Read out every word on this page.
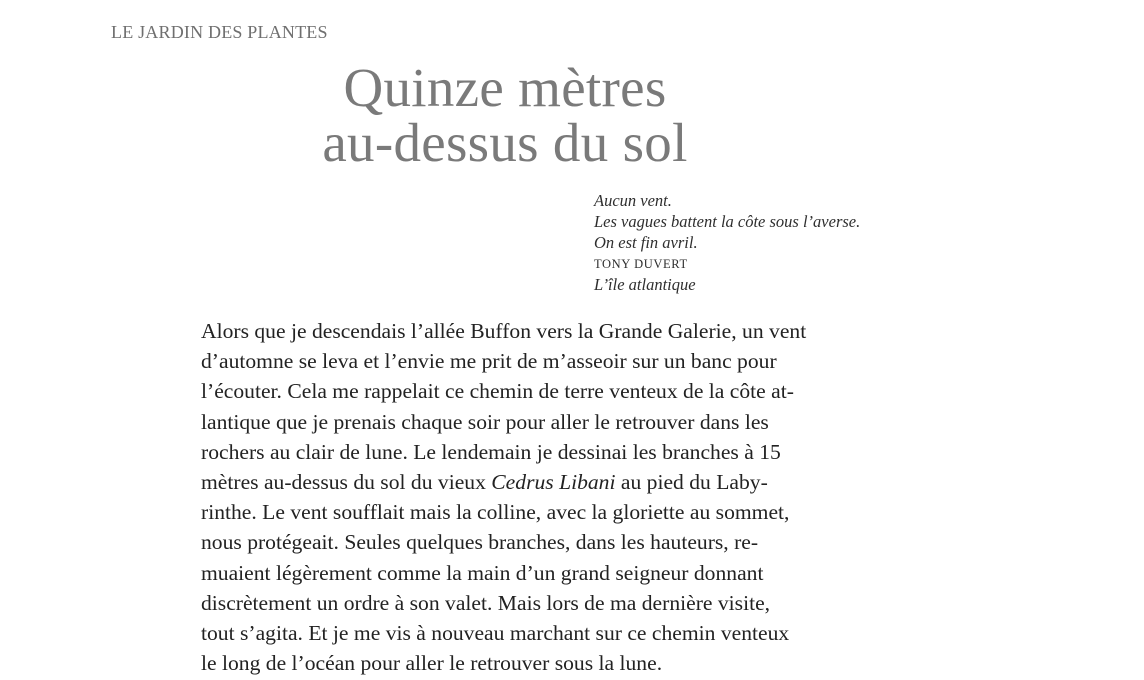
LE JARDIN DES PLANTES
Quinze mètres
au-dessus du sol
Aucun vent.
Les vagues battent la côte sous l’averse.
On est fin avril.
TONY DUVERT
L’île atlantique
Alors que je descendais l’allée Buffon vers la Grande Galerie, un vent
d’automne se leva et l’envie me prit de m’asseoir sur un banc pour
l’écouter. Cela me rappelait ce chemin de terre venteux de la côte at-
lantique que je prenais chaque soir pour aller le retrouver dans les
rochers au clair de lune. Le lendemain je dessinai les branches à 15
mètres au-dessus du sol du vieux Cedrus Libani au pied du Laby-
rinthe. Le vent soufflait mais la colline, avec la gloriette au sommet,
nous protégeait. Seules quelques branches, dans les hauteurs, re-
muaient légèrement comme la main d’un grand seigneur donnant
discrètement un ordre à son valet. Mais lors de ma dernière visite,
tout s’agita. Et je me vis à nouveau marchant sur ce chemin venteux
le long de l’océan pour aller le retrouver sous la lune.
